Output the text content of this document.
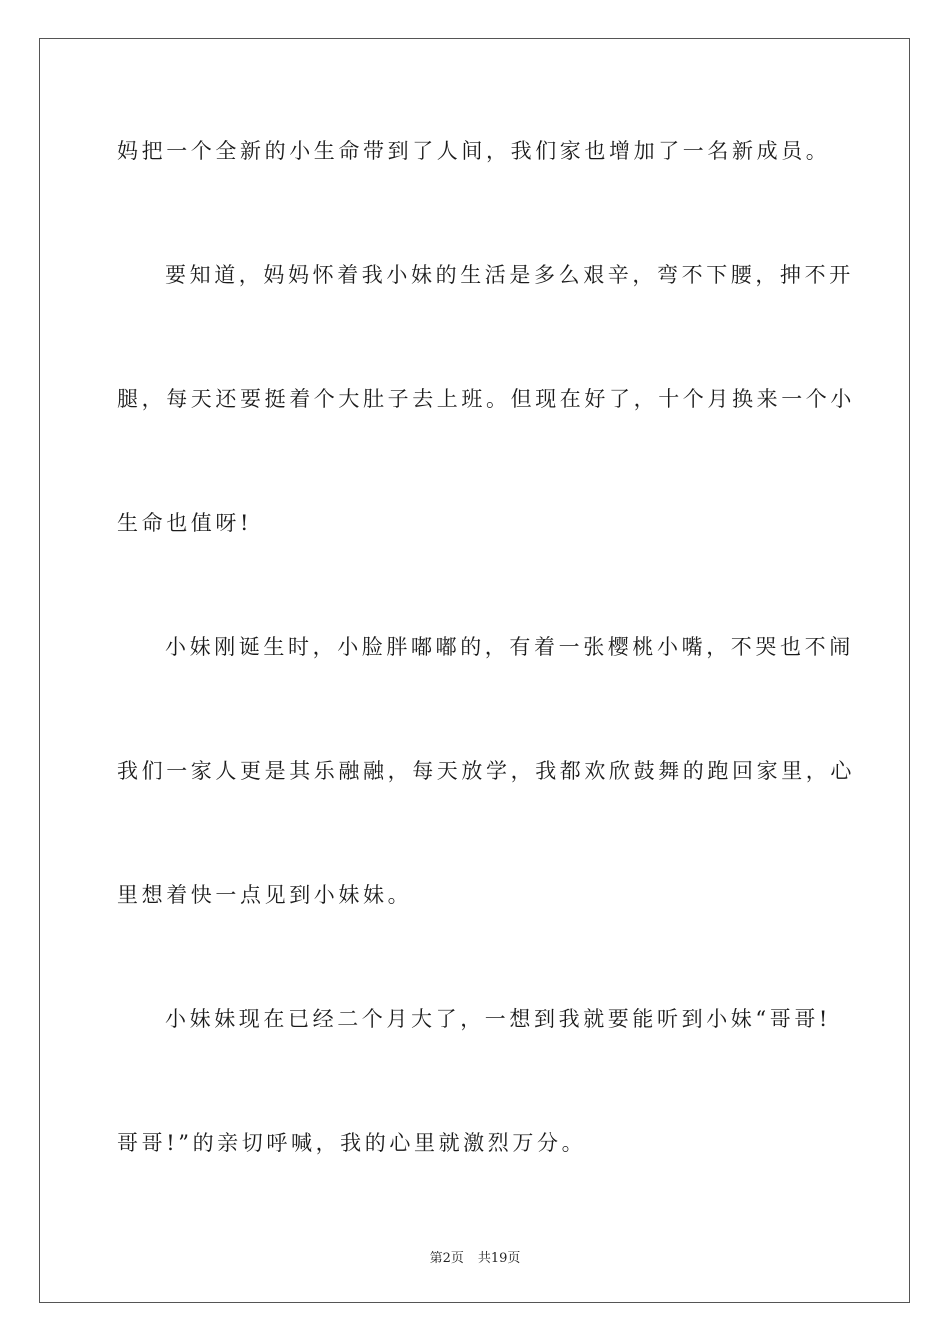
妈把一个全新的小生命带到了人间，我们家也增加了一名新成员。
要知道，妈妈怀着我小妹的生活是多么艰辛，弯不下腰，抻不开
腿，每天还要挺着个大肚子去上班。但现在好了，十个月换来一个小
生命也值呀!
小妹刚诞生时，小脸胖嘟嘟的，有着一张樱桃小嘴，不哭也不闹
我们一家人更是其乐融融，每天放学，我都欢欣鼓舞的跑回家里，心
里想着快一点见到小妹妹。
小妹妹现在已经二个月大了，一想到我就要能听到小妹“哥哥!
哥哥!”的亲切呼喊，我的心里就激烈万分。
第2页 共19页
